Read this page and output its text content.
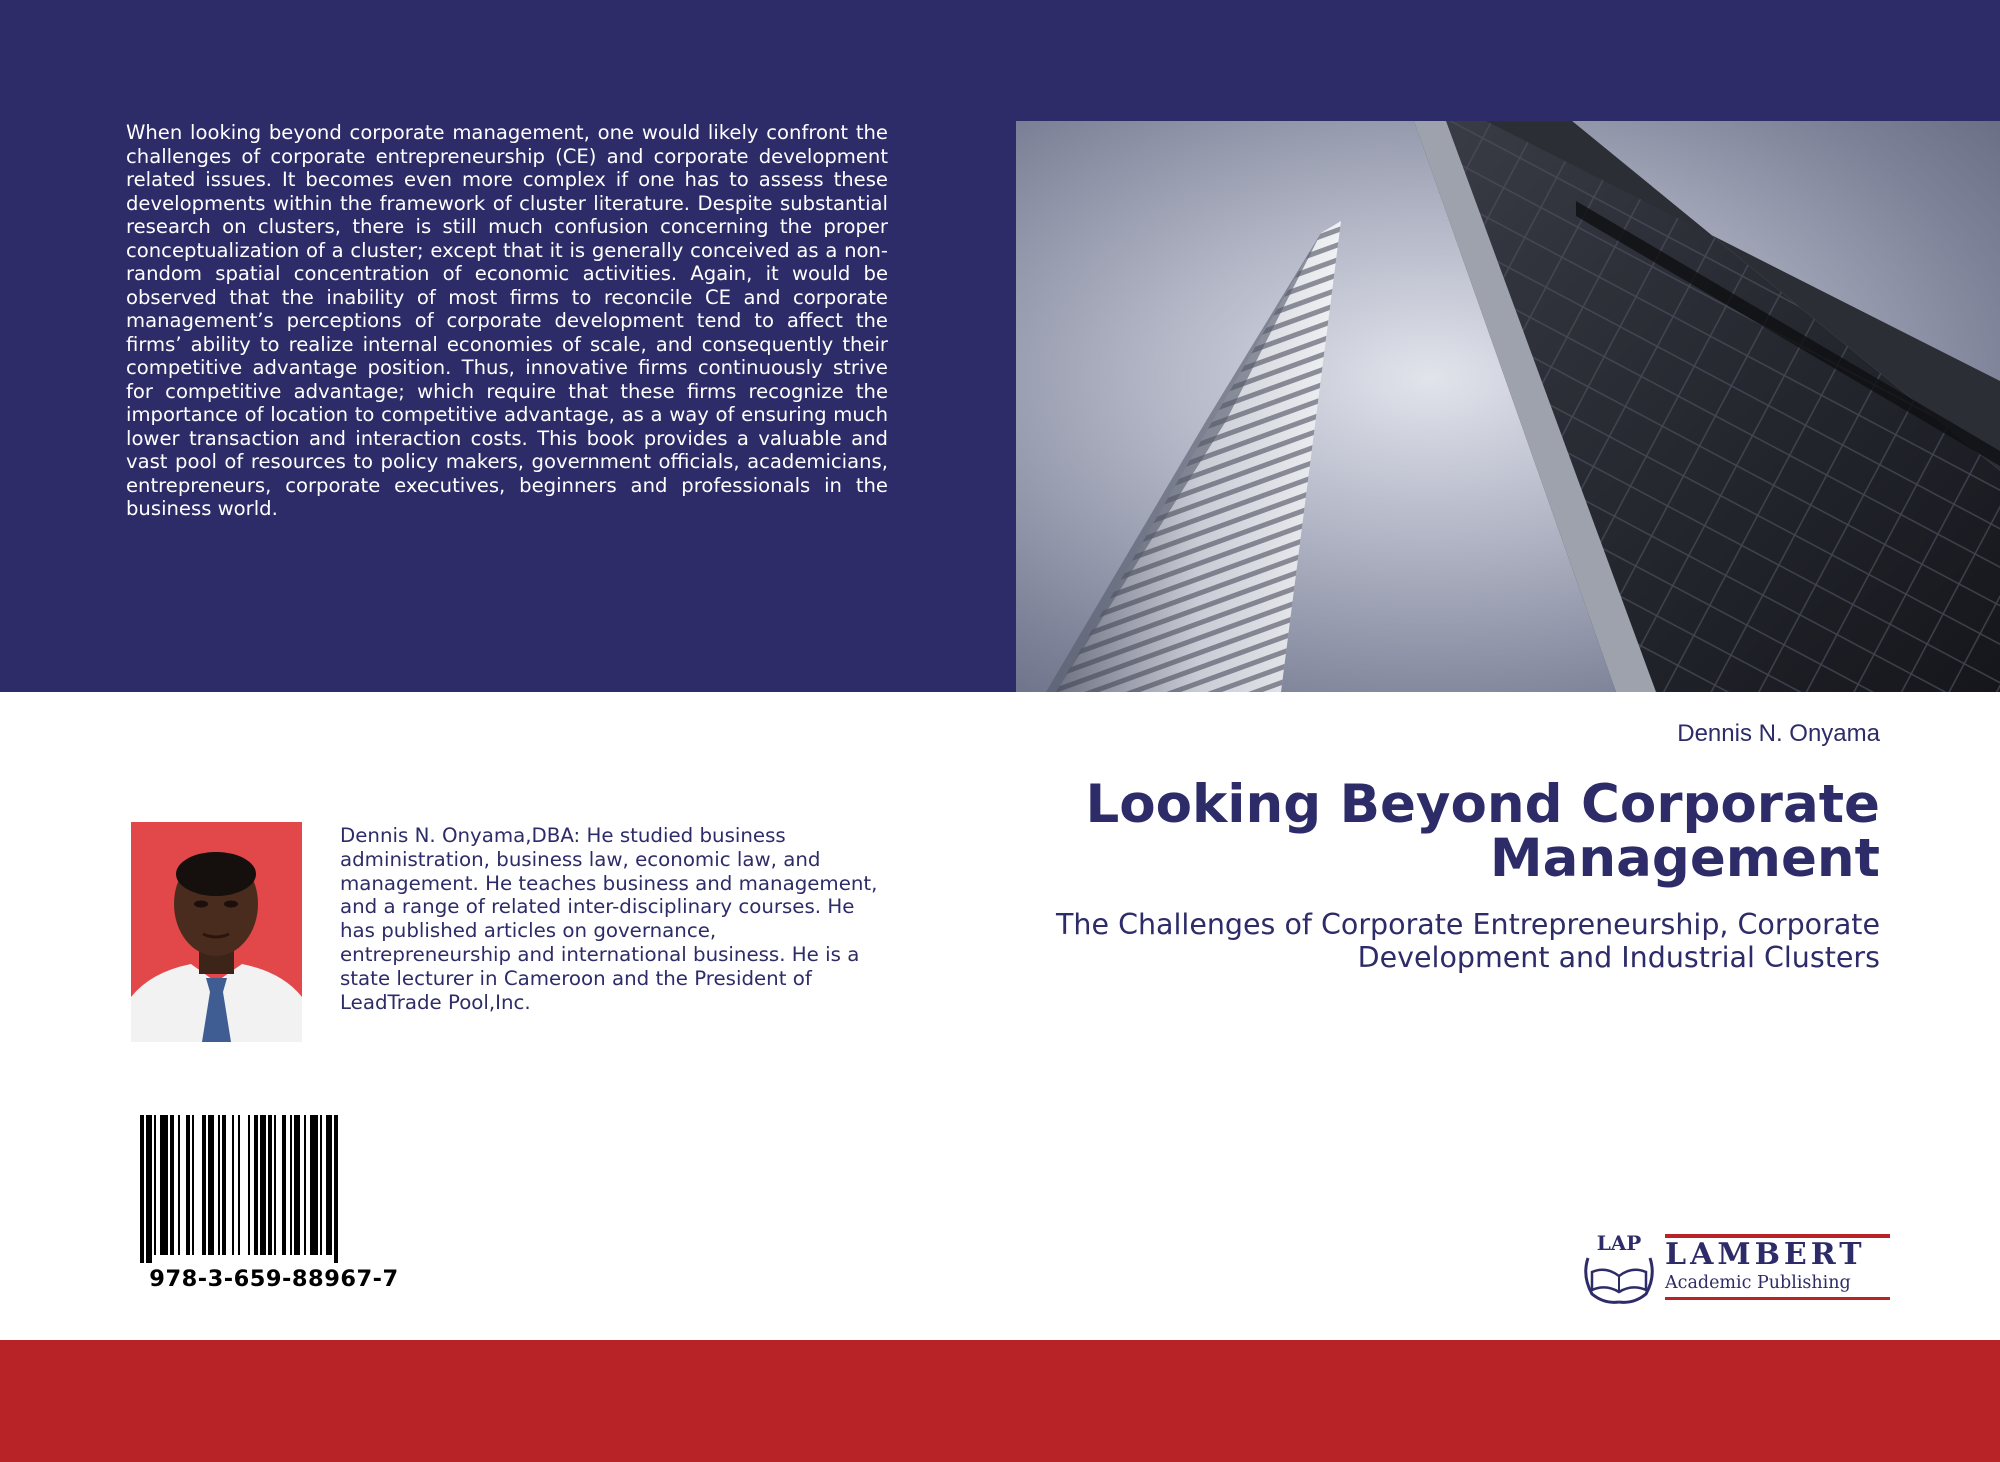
When looking beyond corporate management, one would likely confront the challenges of corporate entrepreneurship (CE) and corporate development related issues. It becomes even more complex if one has to assess these developments within the framework of cluster literature. Despite substantial research on clusters, there is still much confusion concerning the proper conceptualization of a cluster; except that it is generally conceived as a non-random spatial concentration of economic activities. Again, it would be observed that the inability of most firms to reconcile CE and corporate management’s perceptions of corporate development tend to affect the firms’ ability to realize internal economies of scale, and consequently their competitive advantage position. Thus, innovative firms continuously strive for competitive advantage; which require that these firms recognize the importance of location to competitive advantage, as a way of ensuring much lower transaction and interaction costs. This book provides a valuable and vast pool of resources to policy makers, government officials, academicians, entrepreneurs, corporate executives, beginners and professionals in the business world.

Dennis N. Onyama

Looking Beyond Corporate Management

The Challenges of Corporate Entrepreneurship, Corporate Development and Industrial Clusters

Dennis N. Onyama,DBA: He studied business administration, business law, economic law, and management. He teaches business and management, and a range of related inter-disciplinary courses. He has published articles on governance, entrepreneurship and international business. He is a state lecturer in Cameroon and the President of LeadTrade Pool,Inc.

978-3-659-88967-7

LAP LAMBERT

Academic Publishing
